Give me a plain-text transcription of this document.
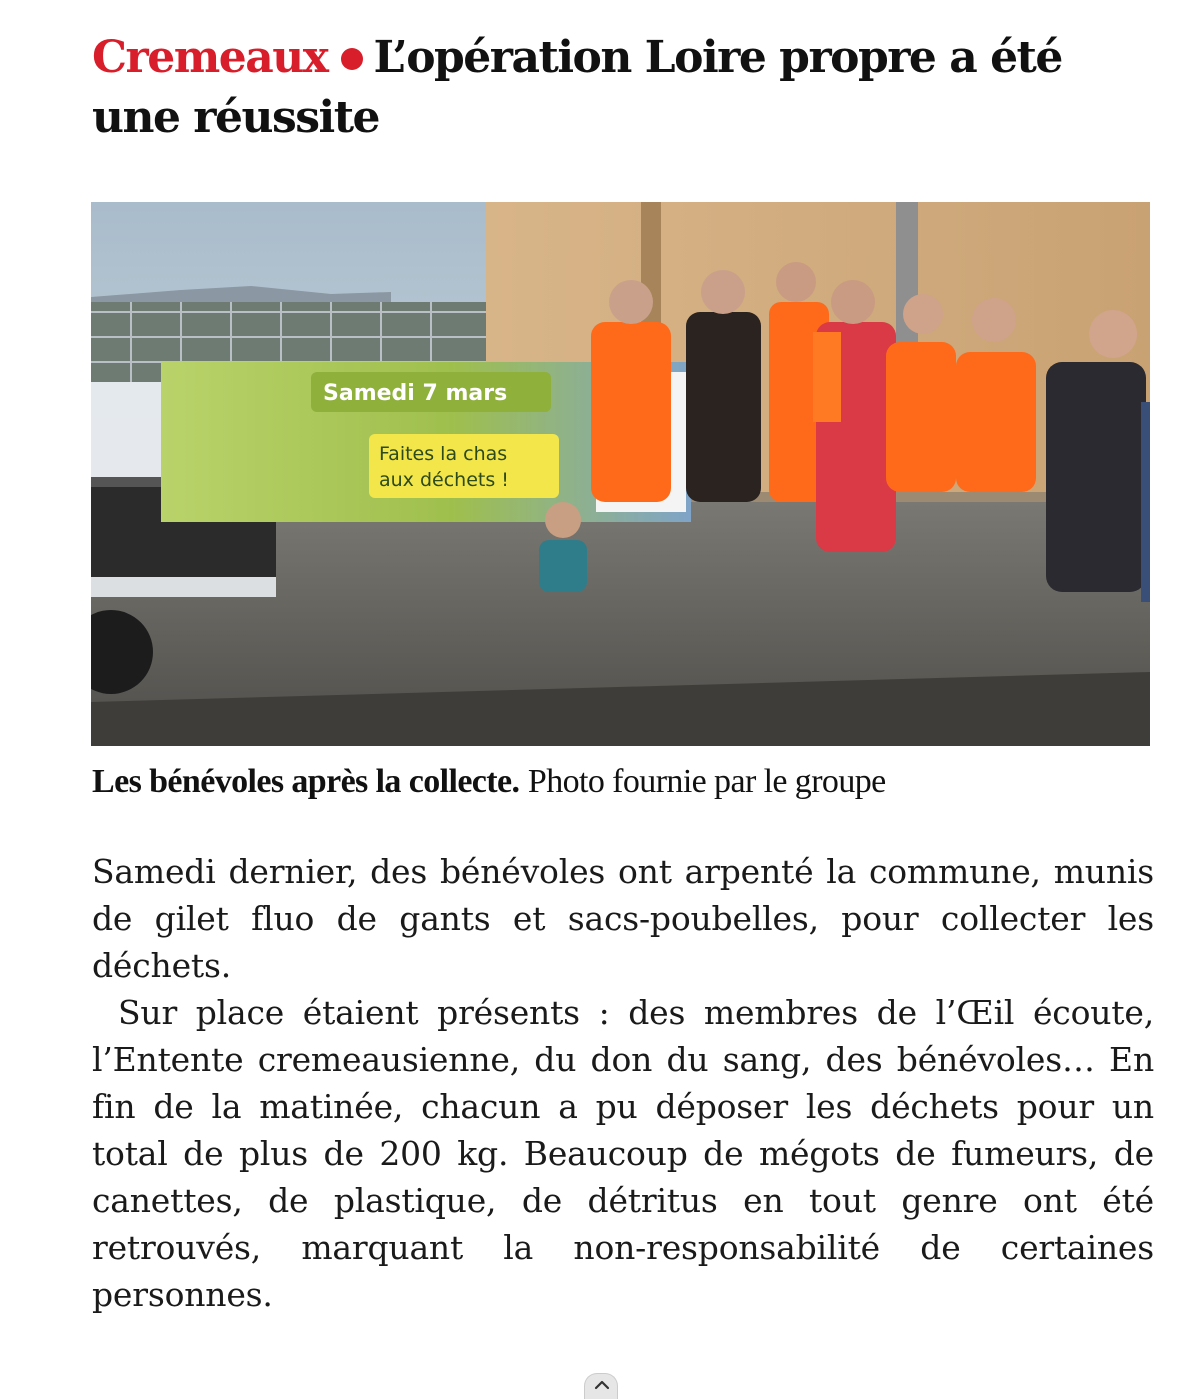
Cremeaux L’opération Loire propre a été une réussite
Samedi 7 mars
Faites la chas
aux déchets !
Les bénévoles après la collecte. Photo fournie par le groupe

Samedi dernier, des bénévoles ont arpenté la commune, munis de gilet fluo de gants et sacs-poubelles, pour collecter les déchets.

Sur place étaient présents : des membres de l’Œil écoute, l’Entente cremeausienne, du don du sang, des bénévoles… En fin de la matinée, chacun a pu déposer les déchets pour un total de plus de 200 kg. Beaucoup de mégots de fumeurs, de canettes, de plastique, de détritus en tout genre ont été retrouvés, marquant la non-responsabilité de certaines personnes.
